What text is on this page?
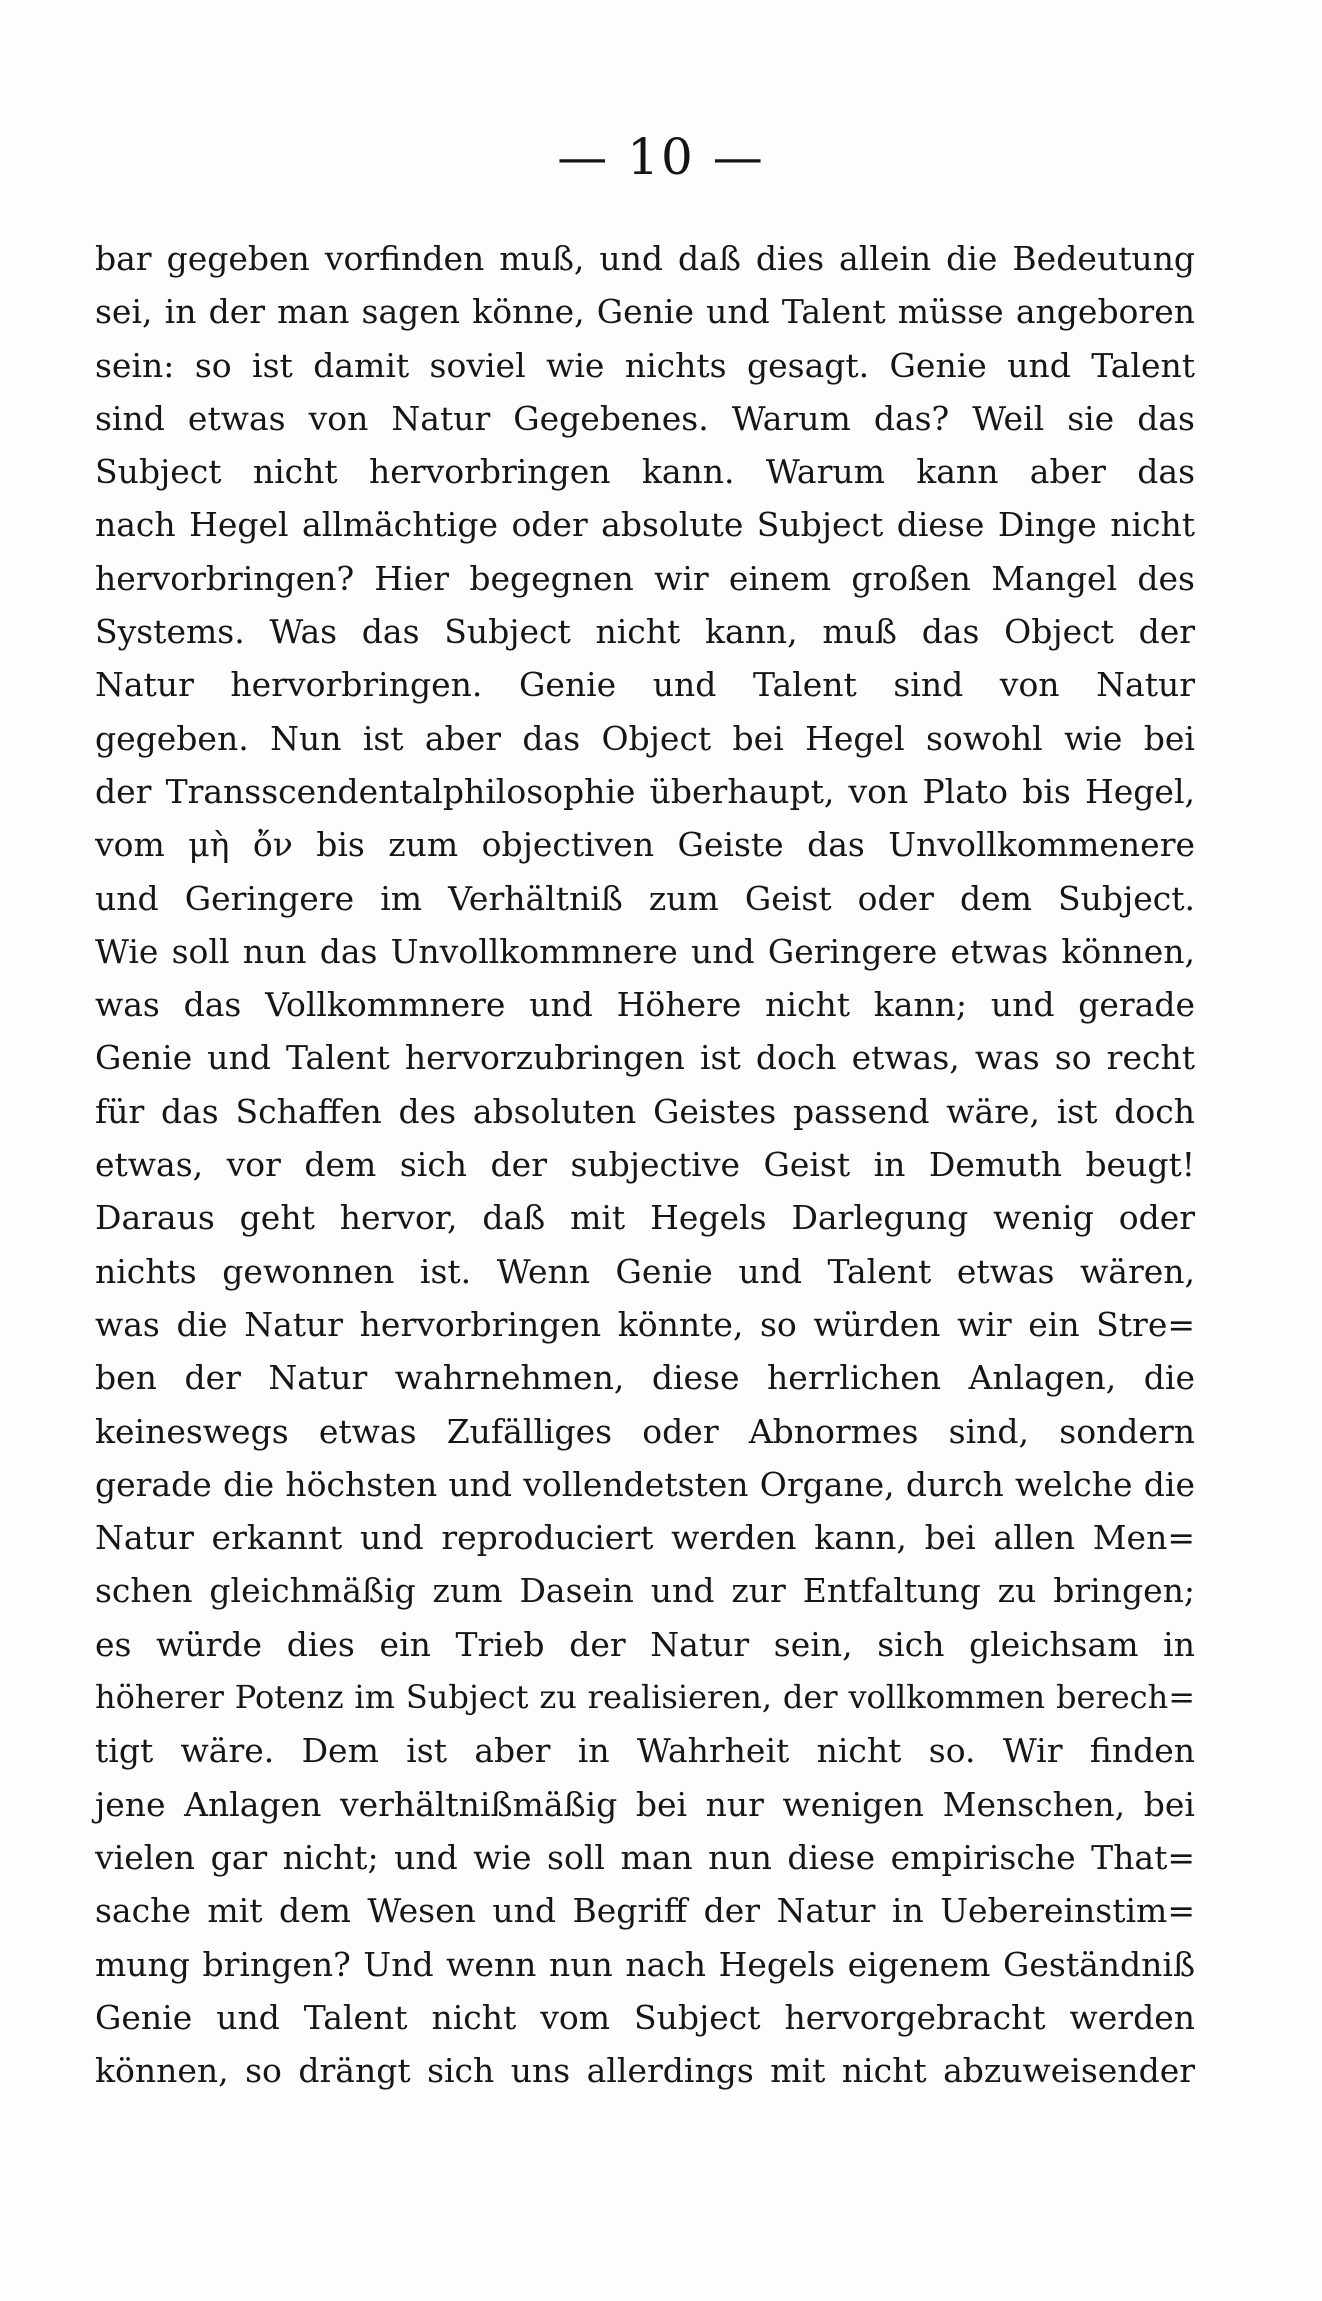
— 10 —
bar gegeben vorfinden muß, und daß dies allein die Bedeutung
sei, in der man sagen könne, Genie und Talent müsse angeboren
sein: so ist damit soviel wie nichts gesagt. Genie und Talent
sind etwas von Natur Gegebenes. Warum das? Weil sie das
Subject nicht hervorbringen kann. Warum kann aber das
nach Hegel allmächtige oder absolute Subject diese Dinge nicht
hervorbringen? Hier begegnen wir einem großen Mangel des
Systems. Was das Subject nicht kann, muß das Object der
Natur hervorbringen. Genie und Talent sind von Natur
gegeben. Nun ist aber das Object bei Hegel sowohl wie bei
der Transscendentalphilosophie überhaupt, von Plato bis Hegel,
vom μὴ ὄν bis zum objectiven Geiste das Unvollkommenere
und Geringere im Verhältniß zum Geist oder dem Subject.
Wie soll nun das Unvollkommnere und Geringere etwas können,
was das Vollkommnere und Höhere nicht kann; und gerade
Genie und Talent hervorzubringen ist doch etwas, was so recht
für das Schaffen des absoluten Geistes passend wäre, ist doch
etwas, vor dem sich der subjective Geist in Demuth beugt!
Daraus geht hervor, daß mit Hegels Darlegung wenig oder
nichts gewonnen ist. Wenn Genie und Talent etwas wären,
was die Natur hervorbringen könnte, so würden wir ein Stre=
ben der Natur wahrnehmen, diese herrlichen Anlagen, die
keineswegs etwas Zufälliges oder Abnormes sind, sondern
gerade die höchsten und vollendetsten Organe, durch welche die
Natur erkannt und reproduciert werden kann, bei allen Men=
schen gleichmäßig zum Dasein und zur Entfaltung zu bringen;
es würde dies ein Trieb der Natur sein, sich gleichsam in
höherer Potenz im Subject zu realisieren, der vollkommen berech=
tigt wäre. Dem ist aber in Wahrheit nicht so. Wir finden
jene Anlagen verhältnißmäßig bei nur wenigen Menschen, bei
vielen gar nicht; und wie soll man nun diese empirische That=
sache mit dem Wesen und Begriff der Natur in Uebereinstim=
mung bringen? Und wenn nun nach Hegels eigenem Geständniß
Genie und Talent nicht vom Subject hervorgebracht werden
können, so drängt sich uns allerdings mit nicht abzuweisender
